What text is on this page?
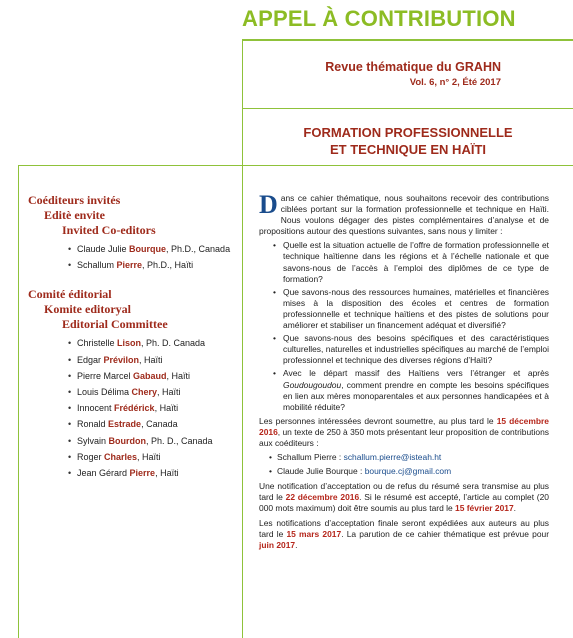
APPEL À CONTRIBUTION
Revue thématique du GRAHN
Vol. 6, n° 2, Été 2017
FORMATION PROFESSIONNELLE
ET TECHNIQUE EN HAÏTI

Coéditeurs invités

Editè envite

Invited Co-editors

• Claude Julie Bourque, Ph.D., Canada
• Schallum Pierre, Ph.D., Haïti

Comité éditorial

Komite editoryal

Editorial Committee

• Christelle Lison, Ph. D. Canada
• Edgar Prévilon, Haïti
• Pierre Marcel Gabaud, Haïti
• Louis Délima Chery, Haïti
• Innocent Frédérick, Haïti
• Ronald Estrade, Canada
• Sylvain Bourdon, Ph. D., Canada
• Roger Charles, Haïti
• Jean Gérard Pierre, Haïti

Dans ce cahier thématique, nous souhaitons recevoir des contributions ciblées portant sur la formation professionnelle et technique en Haïti. Nous voulons dégager des pistes complémentaires d’analyse et de propositions autour des questions suivantes, sans nous y limiter :

• Quelle est la situation actuelle de l’offre de formation professionnelle et technique haïtienne dans les régions et à l’échelle nationale et que savons-nous de l’accès à l’emploi des diplômes de ce type de formation?
• Que savons-nous des ressources humaines, matérielles et financières mises à la disposition des écoles et centres de formation professionnelle et technique haïtiens et des pistes de solutions pour améliorer et stabiliser un financement adéquat et diversifié?
• Que savons-nous des besoins spécifiques et des caractéristiques culturelles, naturelles et industrielles spécifiques au marché de l’emploi professionnel et technique des diverses régions d’Haïti?
• Avec le départ massif des Haïtiens vers l’étranger et après Goudougoudou, comment prendre en compte les besoins spécifiques en lien aux mères monoparentales et aux personnes handicapées et à mobilité réduite?

Les personnes intéressées devront soumettre, au plus tard le 15 décembre 2016, un texte de 250 à 350 mots présentant leur proposition de contributions aux coéditeurs :

• Schallum Pierre : schallum.pierre@isteah.ht
• Claude Julie Bourque : bourque.cj@gmail.com

Une notification d’acceptation ou de refus du résumé sera transmise au plus tard le 22 décembre 2016. Si le résumé est accepté, l’article au complet (20 000 mots maximum) doit être soumis au plus tard le 15 février 2017.

Les notifications d’acceptation finale seront expédiées aux auteurs au plus tard le 15 mars 2017. La parution de ce cahier thématique est prévue pour juin 2017.
